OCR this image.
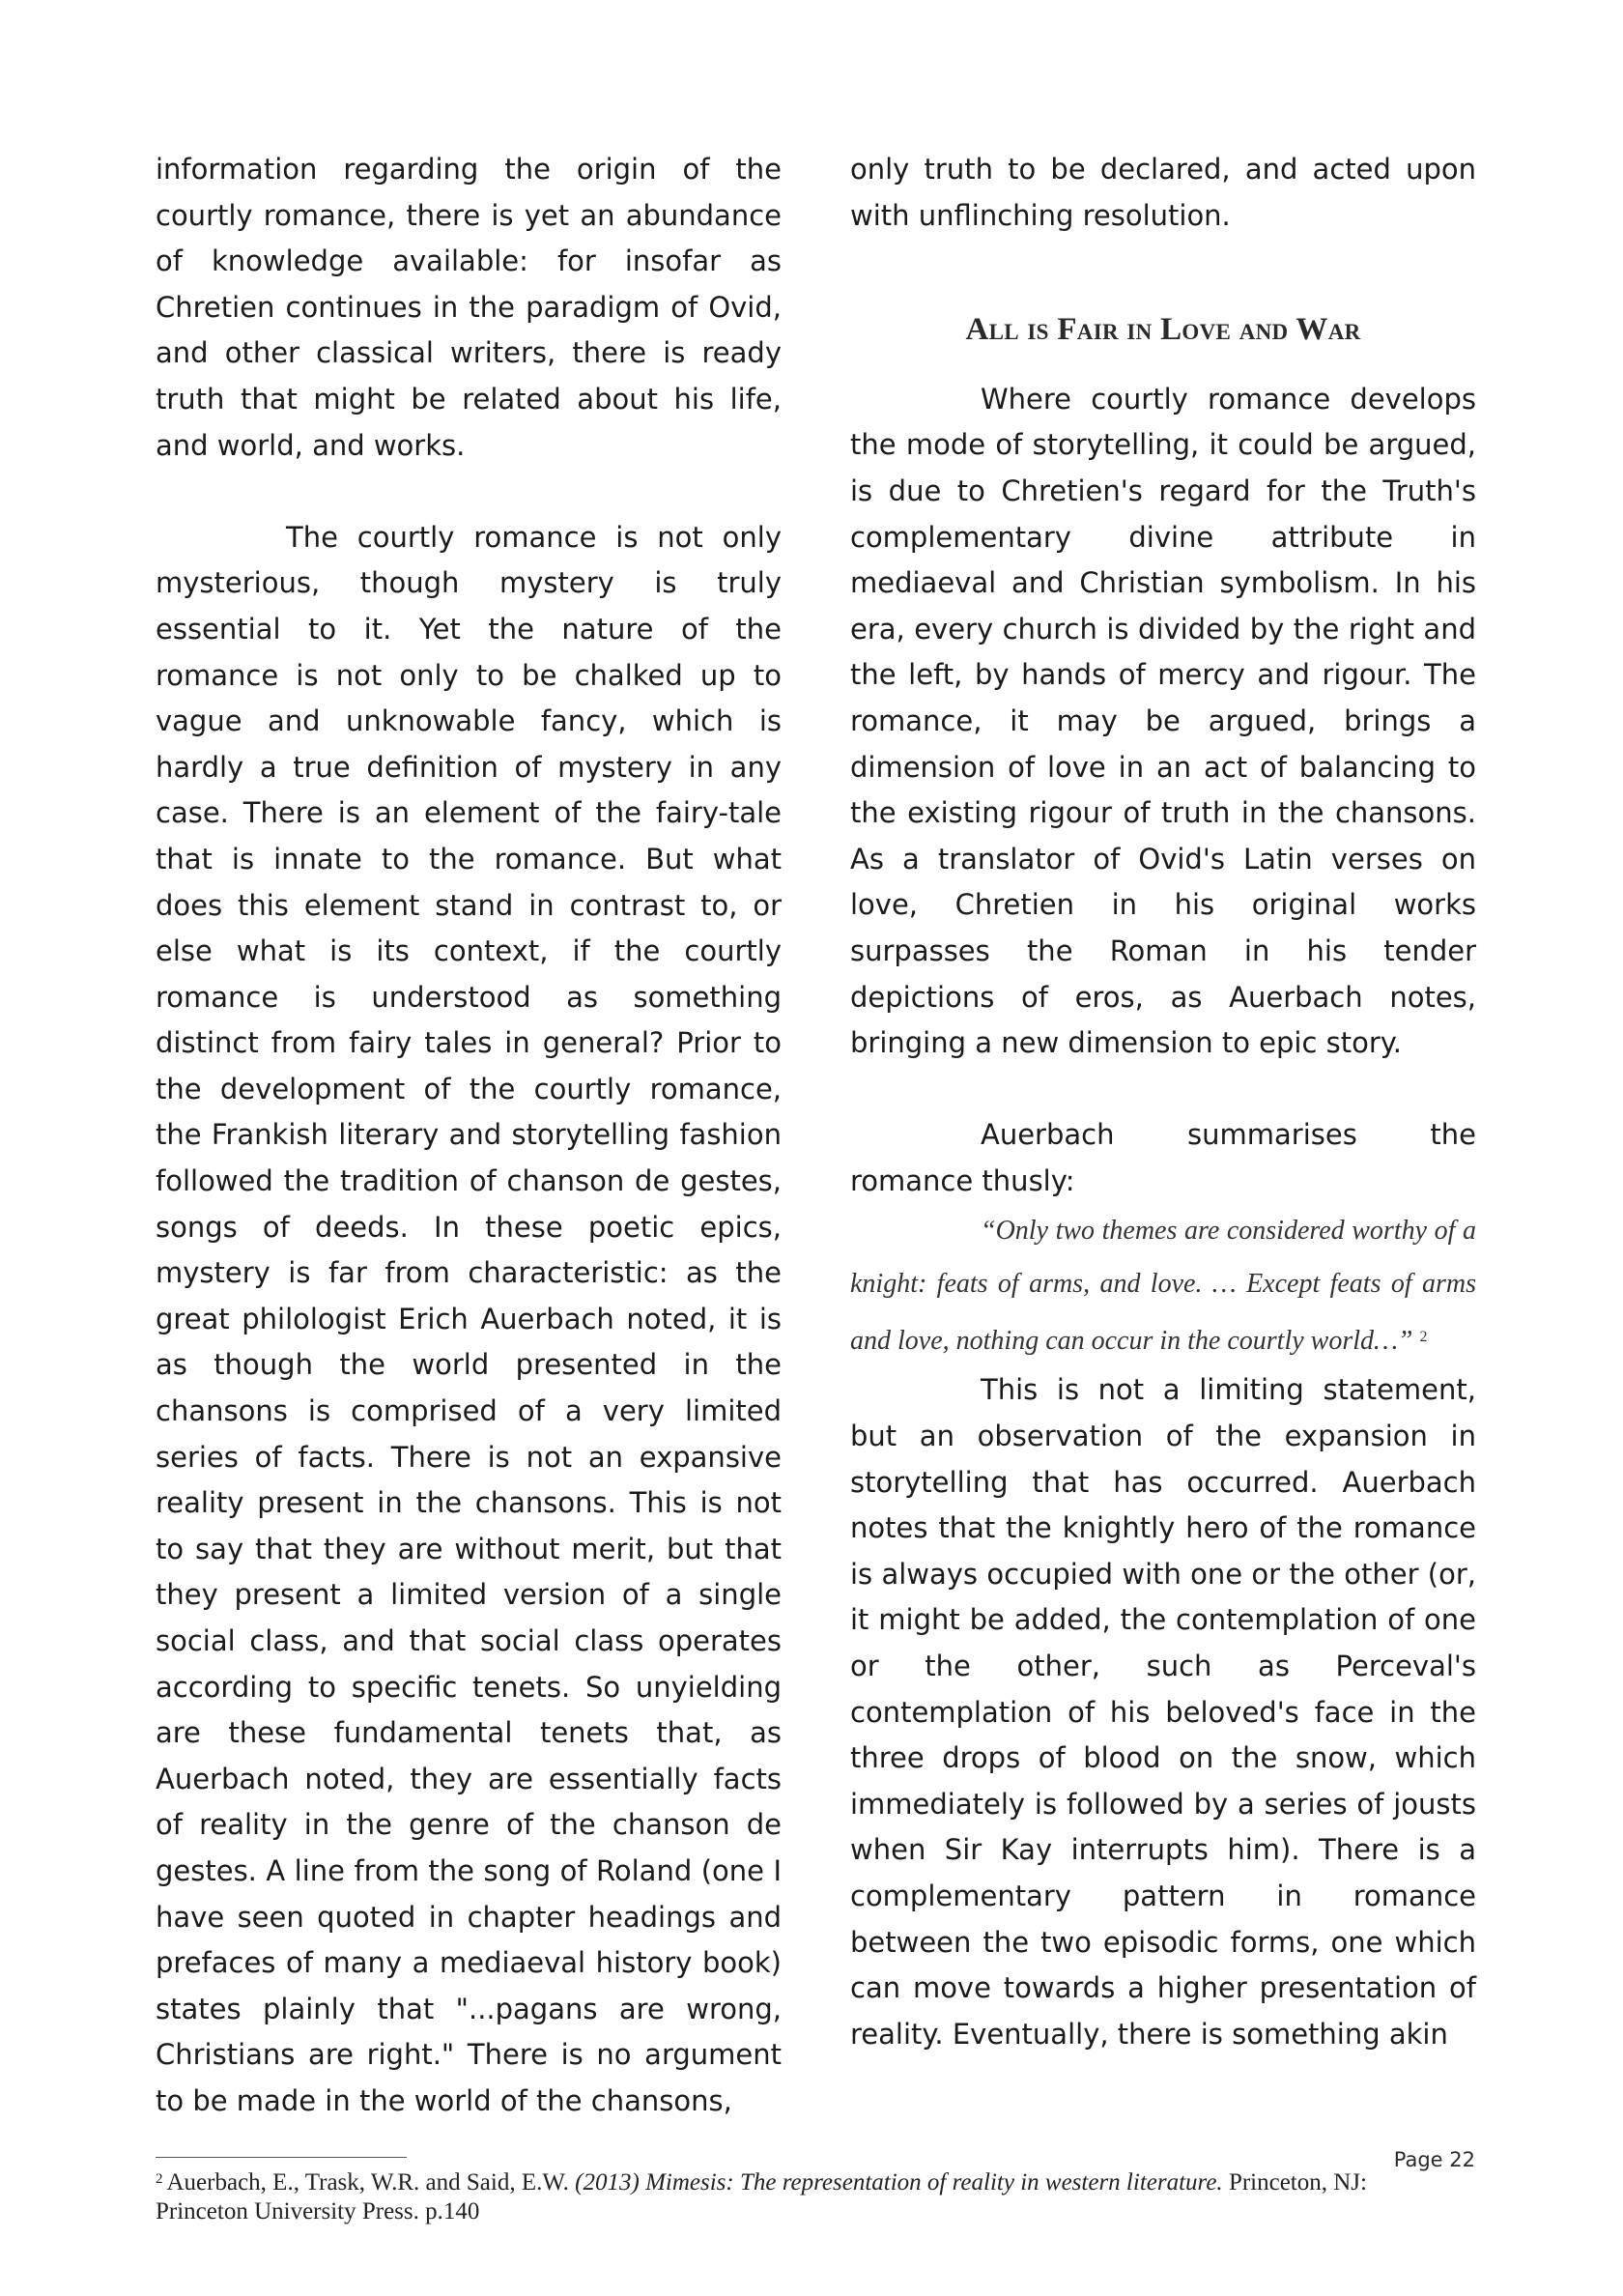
information regarding the origin of the courtly romance, there is yet an abundance of knowledge available: for insofar as Chretien continues in the paradigm of Ovid, and other classical writers, there is ready truth that might be related about his life, and world, and works.

The courtly romance is not only mysterious, though mystery is truly essential to it. Yet the nature of the romance is not only to be chalked up to vague and unknowable fancy, which is hardly a true definition of mystery in any case. There is an element of the fairy-tale that is innate to the romance. But what does this element stand in contrast to, or else what is its context, if the courtly romance is understood as something distinct from fairy tales in general? Prior to the development of the courtly romance, the Frankish literary and storytelling fashion followed the tradition of chanson de gestes, songs of deeds. In these poetic epics, mystery is far from characteristic: as the great philologist Erich Auerbach noted, it is as though the world presented in the chansons is comprised of a very limited series of facts. There is not an expansive reality present in the chansons. This is not to say that they are without merit, but that they present a limited version of a single social class, and that social class operates according to specific tenets. So unyielding are these fundamental tenets that, as Auerbach noted, they are essentially facts of reality in the genre of the chanson de gestes. A line from the song of Roland (one I have seen quoted in chapter headings and prefaces of many a mediaeval history book) states plainly that "...pagans are wrong, Christians are right." There is no argument to be made in the world of the chansons,

only truth to be declared, and acted upon with unflinching resolution.

All is Fair in Love and War

Where courtly romance develops the mode of storytelling, it could be argued, is due to Chretien's regard for the Truth's complementary divine attribute in mediaeval and Christian symbolism. In his era, every church is divided by the right and the left, by hands of mercy and rigour. The romance, it may be argued, brings a dimension of love in an act of balancing to the existing rigour of truth in the chansons. As a translator of Ovid's Latin verses on love, Chretien in his original works surpasses the Roman in his tender depictions of eros, as Auerbach notes, bringing a new dimension to epic story.

Auerbach summarises the romance thusly:

“Only two themes are considered worthy of a knight: feats of arms, and love. … Except feats of arms and love, nothing can occur in the courtly world…” $^2$

This is not a limiting statement, but an observation of the expansion in storytelling that has occurred. Auerbach notes that the knightly hero of the romance is always occupied with one or the other (or, it might be added, the contemplation of one or the other, such as Perceval's contemplation of his beloved's face in the three drops of blood on the snow, which immediately is followed by a series of jousts when Sir Kay interrupts him). There is a complementary pattern in romance between the two episodic forms, one which can move towards a higher presentation of reality. Eventually, there is something akin

$^2$ Auerbach, E., Trask, W.R. and Said, E.W. (2013) Mimesis: The representation of reality in western literature. Princeton, NJ: Princeton University Press. p.140
Page 22
